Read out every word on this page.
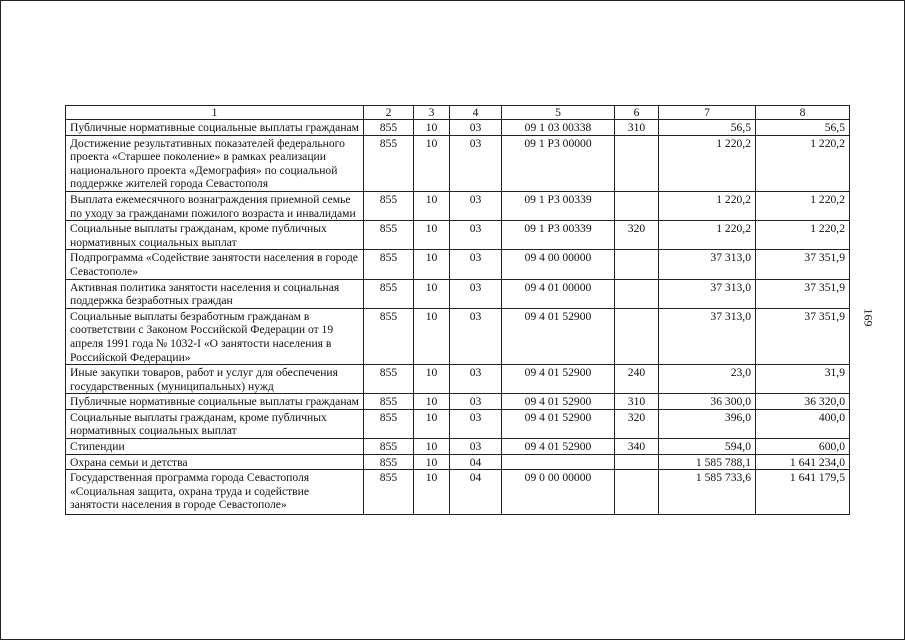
1	2	3	4	5	6	7	8
Публичные нормативные социальные выплаты гражданам	855	10	03	09 1 03 00338	310	56,5	56,5
Достижение результативных показателей федерального проекта «Старшее поколение» в рамках реализации национального проекта «Демография» по социальной поддержке жителей города Севастополя	855	10	03	09 1 Р3 00000		1 220,2	1 220,2
Выплата ежемесячного вознаграждения приемной семье по уходу за гражданами пожилого возраста и инвалидами	855	10	03	09 1 Р3 00339		1 220,2	1 220,2
Социальные выплаты гражданам, кроме публичных нормативных социальных выплат	855	10	03	09 1 Р3 00339	320	1 220,2	1 220,2
Подпрограмма «Содействие занятости населения в городе Севастополе»	855	10	03	09 4 00 00000		37 313,0	37 351,9
Активная политика занятости населения и социальная поддержка безработных граждан	855	10	03	09 4 01 00000		37 313,0	37 351,9
Социальные выплаты безработным гражданам в соответствии с Законом Российской Федерации от 19 апреля 1991 года № 1032-I «О занятости населения в Российской Федерации»	855	10	03	09 4 01 52900		37 313,0	37 351,9
Иные закупки товаров, работ и услуг для обеспечения государственных (муниципальных) нужд	855	10	03	09 4 01 52900	240	23,0	31,9
Публичные нормативные социальные выплаты гражданам	855	10	03	09 4 01 52900	310	36 300,0	36 320,0
Социальные выплаты гражданам, кроме публичных нормативных социальных выплат	855	10	03	09 4 01 52900	320	396,0	400,0
Стипендии	855	10	03	09 4 01 52900	340	594,0	600,0
Охрана семьи и детства	855	10	04			1 585 788,1	1 641 234,0
Государственная программа города Севастополя «Социальная защита, охрана труда и содействие занятости населения в городе Севастополе»	855	10	04	09 0 00 00000		1 585 733,6	1 641 179,5
169
